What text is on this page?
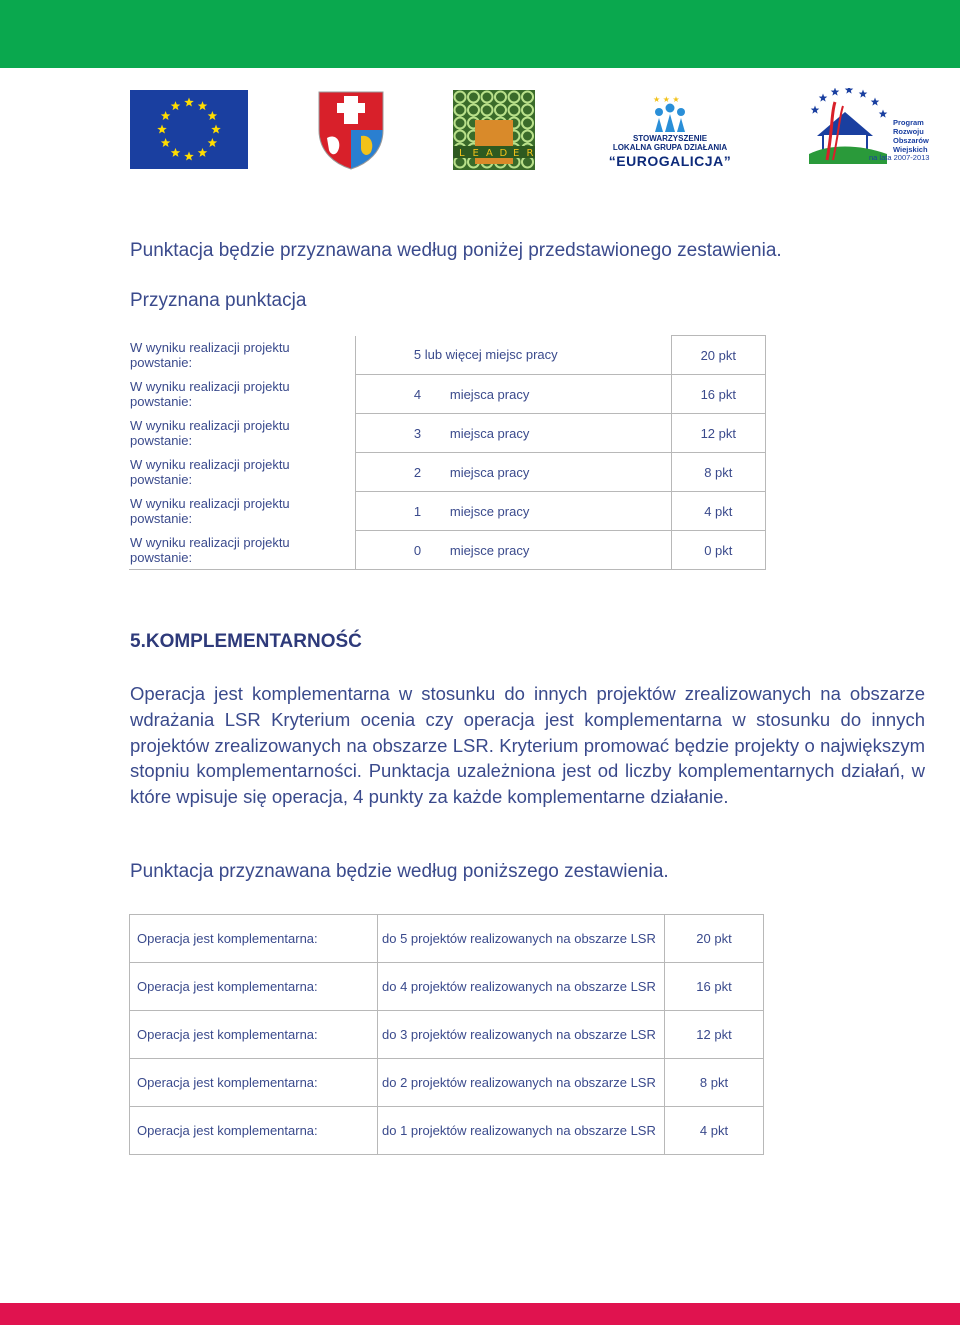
L E A D E R
★ ★ ★
STOWARZYSZENIE
LOKALNA GRUPA DZIAŁANIA
“EUROGALICJA”
Program
Rozwoju
Obszarów
Wiejskich
na lata 2007-2013
Punktacja będzie przyznawana według poniżej przedstawionego zestawienia.
Przyznana punktacja
W wyniku realizacji projektu powstanie:	5 lub więcej miejsc pracy	20 pkt
W wyniku realizacji projektu powstanie:	4 miejsca pracy	16 pkt
W wyniku realizacji projektu powstanie:	3 miejsca pracy	12 pkt
W wyniku realizacji projektu powstanie:	2 miejsca pracy	8 pkt
W wyniku realizacji projektu powstanie:	1 miejsce pracy	4 pkt
W wyniku realizacji projektu powstanie:	0 miejsce pracy	0 pkt
5.KOMPLEMENTARNOŚĆ
Operacja jest komplementarna w stosunku do innych projektów zrealizowanych na obszarze wdrażania LSR Kryterium ocenia czy operacja jest komplementarna w stosunku do innych projektów zrealizowanych na obszarze LSR. Kryterium promować będzie projekty o największym stopniu komplementarności. Punktacja uzależniona jest od liczby komplementarnych działań, w które wpisuje się operacja, 4 punkty za każde komplementarne działanie.
Punktacja przyznawana będzie według poniższego zestawienia.
Operacja jest komplementarna:	do 5 projektów realizowanych na obszarze LSR	20 pkt
Operacja jest komplementarna:	do 4 projektów realizowanych na obszarze LSR	16 pkt
Operacja jest komplementarna:	do 3 projektów realizowanych na obszarze LSR	12 pkt
Operacja jest komplementarna:	do 2 projektów realizowanych na obszarze LSR	8 pkt
Operacja jest komplementarna:	do 1 projektów realizowanych na obszarze LSR	4 pkt
